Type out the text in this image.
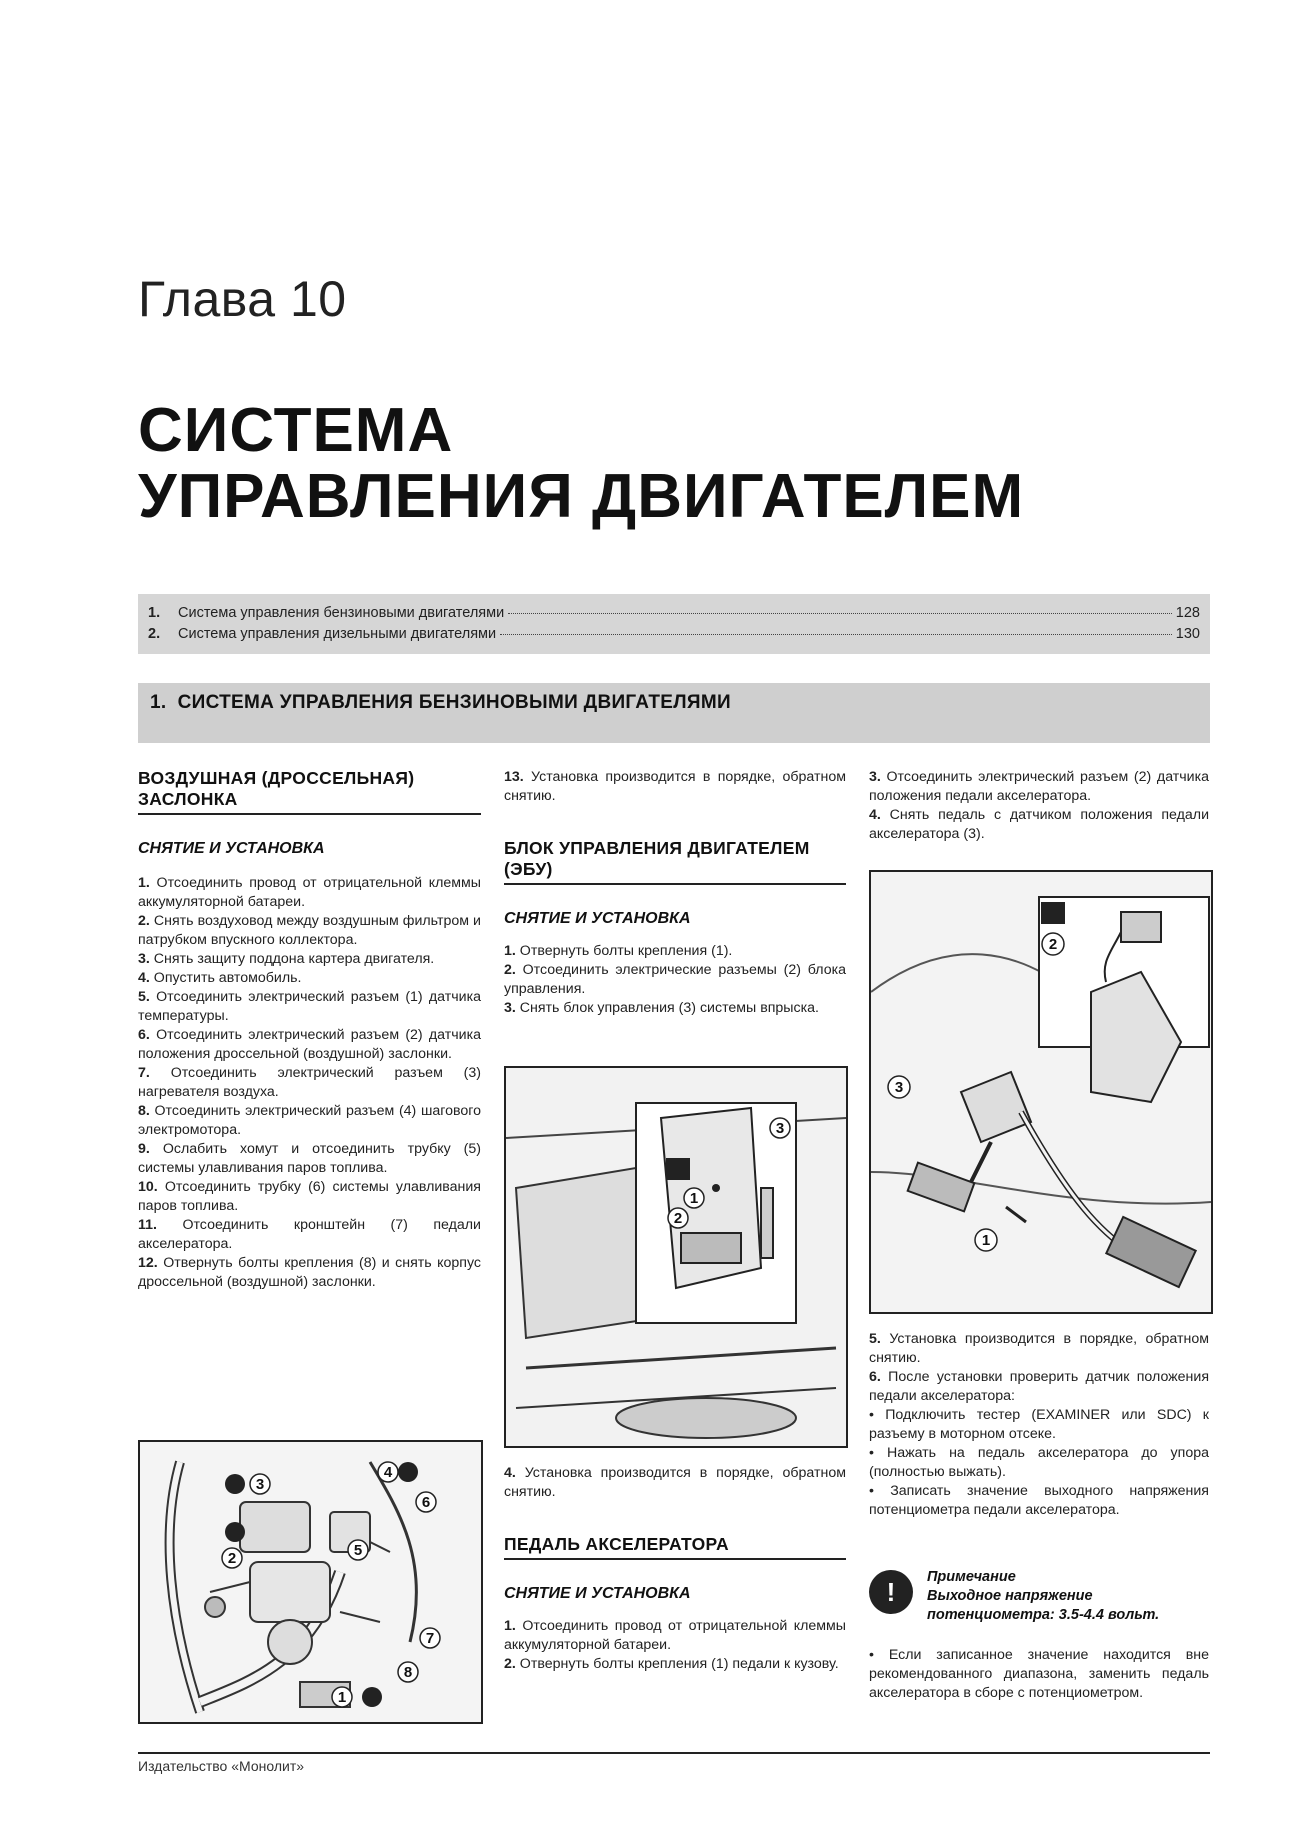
Глава 10
СИСТЕМА
УПРАВЛЕНИЯ ДВИГАТЕЛЕМ
1.	Система управления бензиновыми двигателями	128
2.	Система управления дизельными двигателями	130
1. СИСТЕМА УПРАВЛЕНИЯ БЕНЗИНОВЫМИ ДВИГАТЕЛЯМИ
ВОЗДУШНАЯ (ДРОССЕЛЬНАЯ) ЗАСЛОНКА
СНЯТИЕ И УСТАНОВКА

1. Отсоединить провод от отрицательной клеммы аккумуляторной батареи.

2. Снять воздуховод между воздушным фильтром и патрубком впускного коллектора.

3. Снять защиту поддона картера двигателя.

4. Опустить автомобиль.

5. Отсоединить электрический разъем (1) датчика температуры.

6. Отсоединить электрический разъем (2) датчика положения дроссельной (воздушной) заслонки.

7. Отсоединить электрический разъем (3) нагревателя воздуха.

8. Отсоединить электрический разъем (4) шагового электромотора.

9. Ослабить хомут и отсоединить трубку (5) системы улавливания паров топлива.

10. Отсоединить трубку (6) системы улавливания паров топлива.

11. Отсоединить кронштейн (7) педали акселератора.

12. Отвернуть болты крепления (8) и снять корпус дроссельной (воздушной) заслонки.

1
2
3
4
5
6
7
8

13. Установка производится в порядке, обратном снятию.

БЛОК УПРАВЛЕНИЯ ДВИГАТЕЛЕМ (ЭБУ)
СНЯТИЕ И УСТАНОВКА

1. Отвернуть болты крепления (1).

2. Отсоединить электрические разъемы (2) блока управления.

3. Снять блок управления (3) системы впрыска.

1
2
3

4. Установка производится в порядке, обратном снятию.

ПЕДАЛЬ АКСЕЛЕРАТОРА
СНЯТИЕ И УСТАНОВКА

1. Отсоединить провод от отрицательной клеммы аккумуляторной батареи.

2. Отвернуть болты крепления (1) педали к кузову.

3. Отсоединить электрический разъем (2) датчика положения педали акселератора.

4. Снять педаль с датчиком положения педали акселератора (3).

1
2
3

5. Установка производится в порядке, обратном снятию.

6. После установки проверить датчик положения педали акселератора:

• Подключить тестер (EXAMINER или SDC) к разъему в моторном отсеке.

• Нажать на педаль акселератора до упора (полностью выжать).

• Записать значение выходного напряжения потенциометра педали акселератора.

!	Примечание
Выходное напряжение потенциометра: 3.5-4.4 вольт.

• Если записанное значение находится вне рекомендованного диапазона, заменить педаль акселератора в сборе с потенциометром.

Издательство «Монолит»
